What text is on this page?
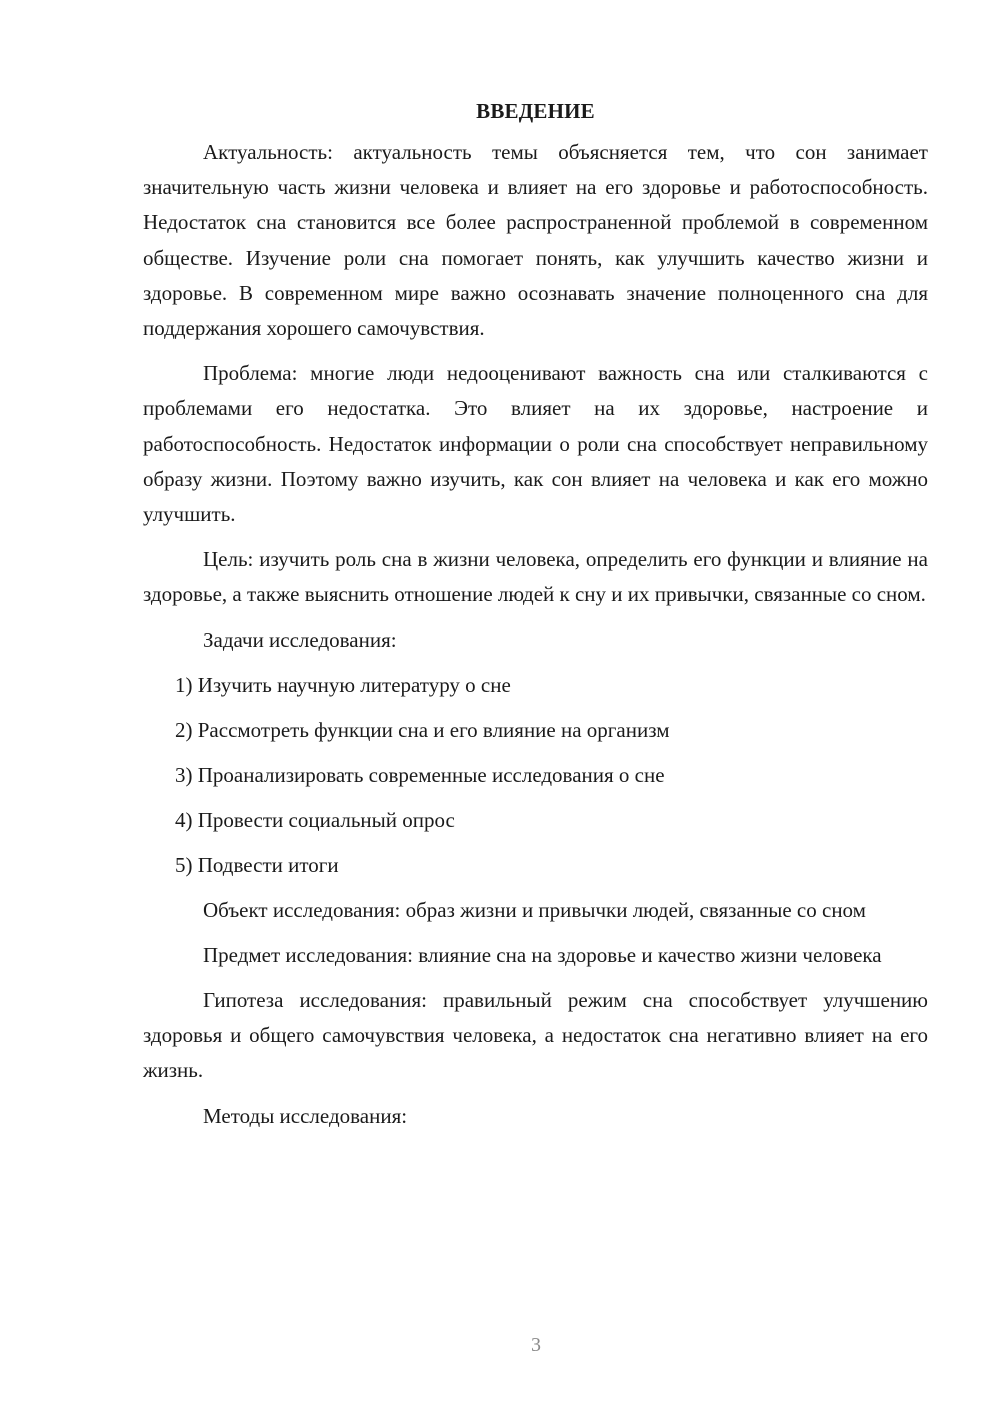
ВВЕДЕНИЕ

Актуальность: актуальность темы объясняется тем, что сон занимает значительную часть жизни человека и влияет на его здоровье и работоспособность. Недостаток сна становится все более распространенной проблемой в современном обществе. Изучение роли сна помогает понять, как улучшить качество жизни и здоровье. В современном мире важно осознавать значение полноценного сна для поддержания хорошего самочувствия.

Проблема: многие люди недооценивают важность сна или сталкиваются с проблемами его недостатка. Это влияет на их здоровье, настроение и работоспособность. Недостаток информации о роли сна способствует неправильному образу жизни. Поэтому важно изучить, как сон влияет на человека и как его можно улучшить.

Цель: изучить роль сна в жизни человека, определить его функции и влияние на здоровье, а также выяснить отношение людей к сну и их привычки, связанные со сном.

Задачи исследования:

1) Изучить научную литературу о сне
2) Рассмотреть функции сна и его влияние на организм
3) Проанализировать современные исследования о сне
4) Провести социальный опрос
5) Подвести итоги

Объект исследования: образ жизни и привычки людей, связанные со сном

Предмет исследования: влияние сна на здоровье и качество жизни человека

Гипотеза исследования: правильный режим сна способствует улучшению здоровья и общего самочувствия человека, а недостаток сна негативно влияет на его жизнь.

Методы исследования:

3
